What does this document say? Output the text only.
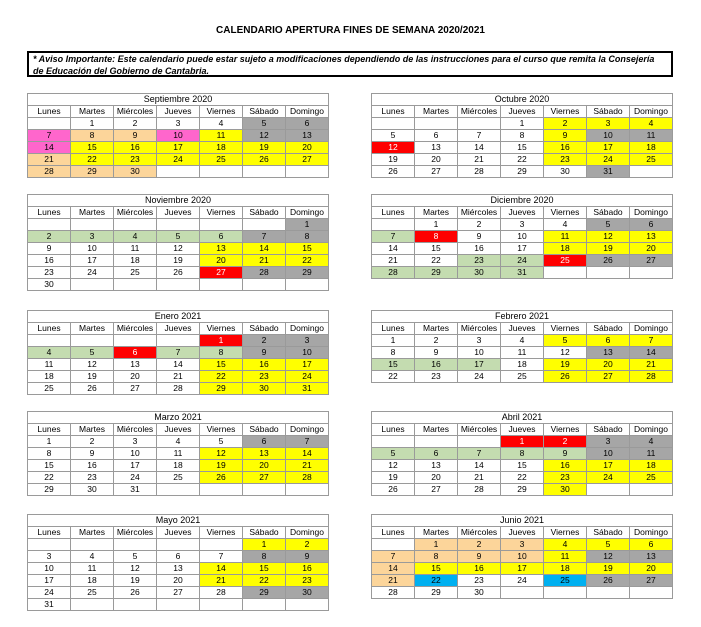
CALENDARIO APERTURA FINES DE SEMANA 2020/2021
* Aviso Importante: Este calendario puede estar sujeto a modificaciones dependiendo de las instrucciones para el curso que remita la Consejería de Educación del Gobierno de Cantabria.
Septiembre 2020
Lunes	Martes	Miércoles	Jueves	Viernes	Sábado	Domingo
	1	2	3	4	5	6
7	8	9	10	11	12	13
14	15	16	17	18	19	20
21	22	23	24	25	26	27
28	29	30				
Octubre 2020
Lunes	Martes	Miércoles	Jueves	Viernes	Sábado	Domingo
			1	2	3	4
5	6	7	8	9	10	11
12	13	14	15	16	17	18
19	20	21	22	23	24	25
26	27	28	29	30	31	
Noviembre 2020
Lunes	Martes	Miércoles	Jueves	Viernes	Sábado	Domingo
						1
2	3	4	5	6	7	8
9	10	11	12	13	14	15
16	17	18	19	20	21	22
23	24	25	26	27	28	29
30						
Diciembre 2020
Lunes	Martes	Miércoles	Jueves	Viernes	Sábado	Domingo
	1	2	3	4	5	6
7	8	9	10	11	12	13
14	15	16	17	18	19	20
21	22	23	24	25	26	27
28	29	30	31			
Enero 2021
Lunes	Martes	Miércoles	Jueves	Viernes	Sábado	Domingo
				1	2	3
4	5	6	7	8	9	10
11	12	13	14	15	16	17
18	19	20	21	22	23	24
25	26	27	28	29	30	31
Febrero 2021
Lunes	Martes	Miércoles	Jueves	Viernes	Sábado	Domingo
1	2	3	4	5	6	7
8	9	10	11	12	13	14
15	16	17	18	19	20	21
22	23	24	25	26	27	28
Marzo 2021
Lunes	Martes	Miércoles	Jueves	Viernes	Sábado	Domingo
1	2	3	4	5	6	7
8	9	10	11	12	13	14
15	16	17	18	19	20	21
22	23	24	25	26	27	28
29	30	31				
Abril 2021
Lunes	Martes	Miércoles	Jueves	Viernes	Sábado	Domingo
			1	2	3	4
5	6	7	8	9	10	11
12	13	14	15	16	17	18
19	20	21	22	23	24	25
26	27	28	29	30		
Mayo 2021
Lunes	Martes	Miércoles	Jueves	Viernes	Sábado	Domingo
					1	2
3	4	5	6	7	8	9
10	11	12	13	14	15	16
17	18	19	20	21	22	23
24	25	26	27	28	29	30
31						
Junio 2021
Lunes	Martes	Miércoles	Jueves	Viernes	Sábado	Domingo
	1	2	3	4	5	6
7	8	9	10	11	12	13
14	15	16	17	18	19	20
21	22	23	24	25	26	27
28	29	30				
